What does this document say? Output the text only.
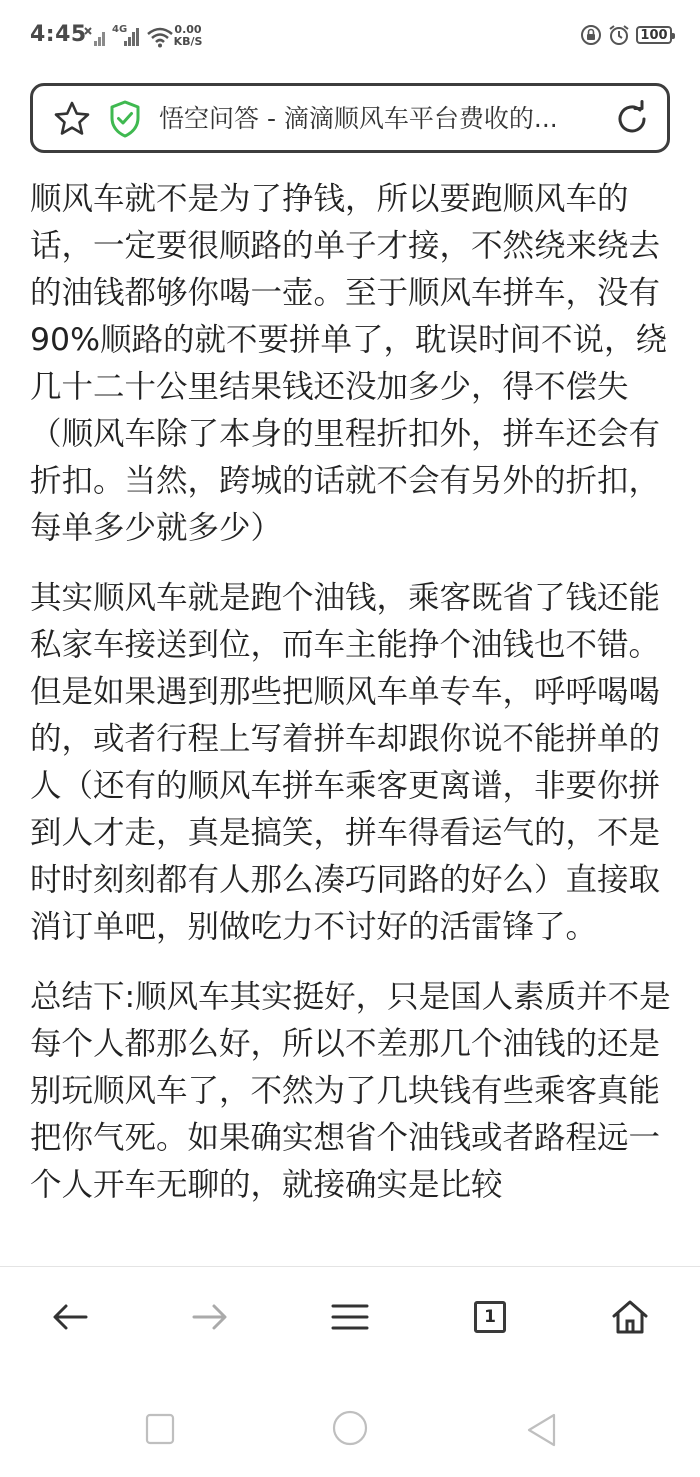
4:45	4G	0.00
KB/S	100
悟空问答 - 滴滴顺风车平台费收的...

顺风车就不是为了挣钱，所以要跑顺风车的话，一定要很顺路的单子才接，不然绕来绕去的油钱都够你喝一壶。至于顺风车拼车，没有90%顺路的就不要拼单了，耽误时间不说，绕几十二十公里结果钱还没加多少，得不偿失（顺风车除了本身的里程折扣外，拼车还会有折扣。当然，跨城的话就不会有另外的折扣，每单多少就多少）

其实顺风车就是跑个油钱，乘客既省了钱还能私家车接送到位，而车主能挣个油钱也不错。但是如果遇到那些把顺风车单专车，呼呼喝喝的，或者行程上写着拼车却跟你说不能拼单的人（还有的顺风车拼车乘客更离谱，非要你拼到人才走，真是搞笑，拼车得看运气的，不是时时刻刻都有人那么凑巧同路的好么）直接取消订单吧，别做吃力不讨好的活雷锋了。

总结下:顺风车其实挺好，只是国人素质并不是每个人都那么好，所以不差那几个油钱的还是别玩顺风车了，不然为了几块钱有些乘客真能把你气死。如果确实想省个油钱或者路程远一个人开车无聊的，就接确实是比较

1
